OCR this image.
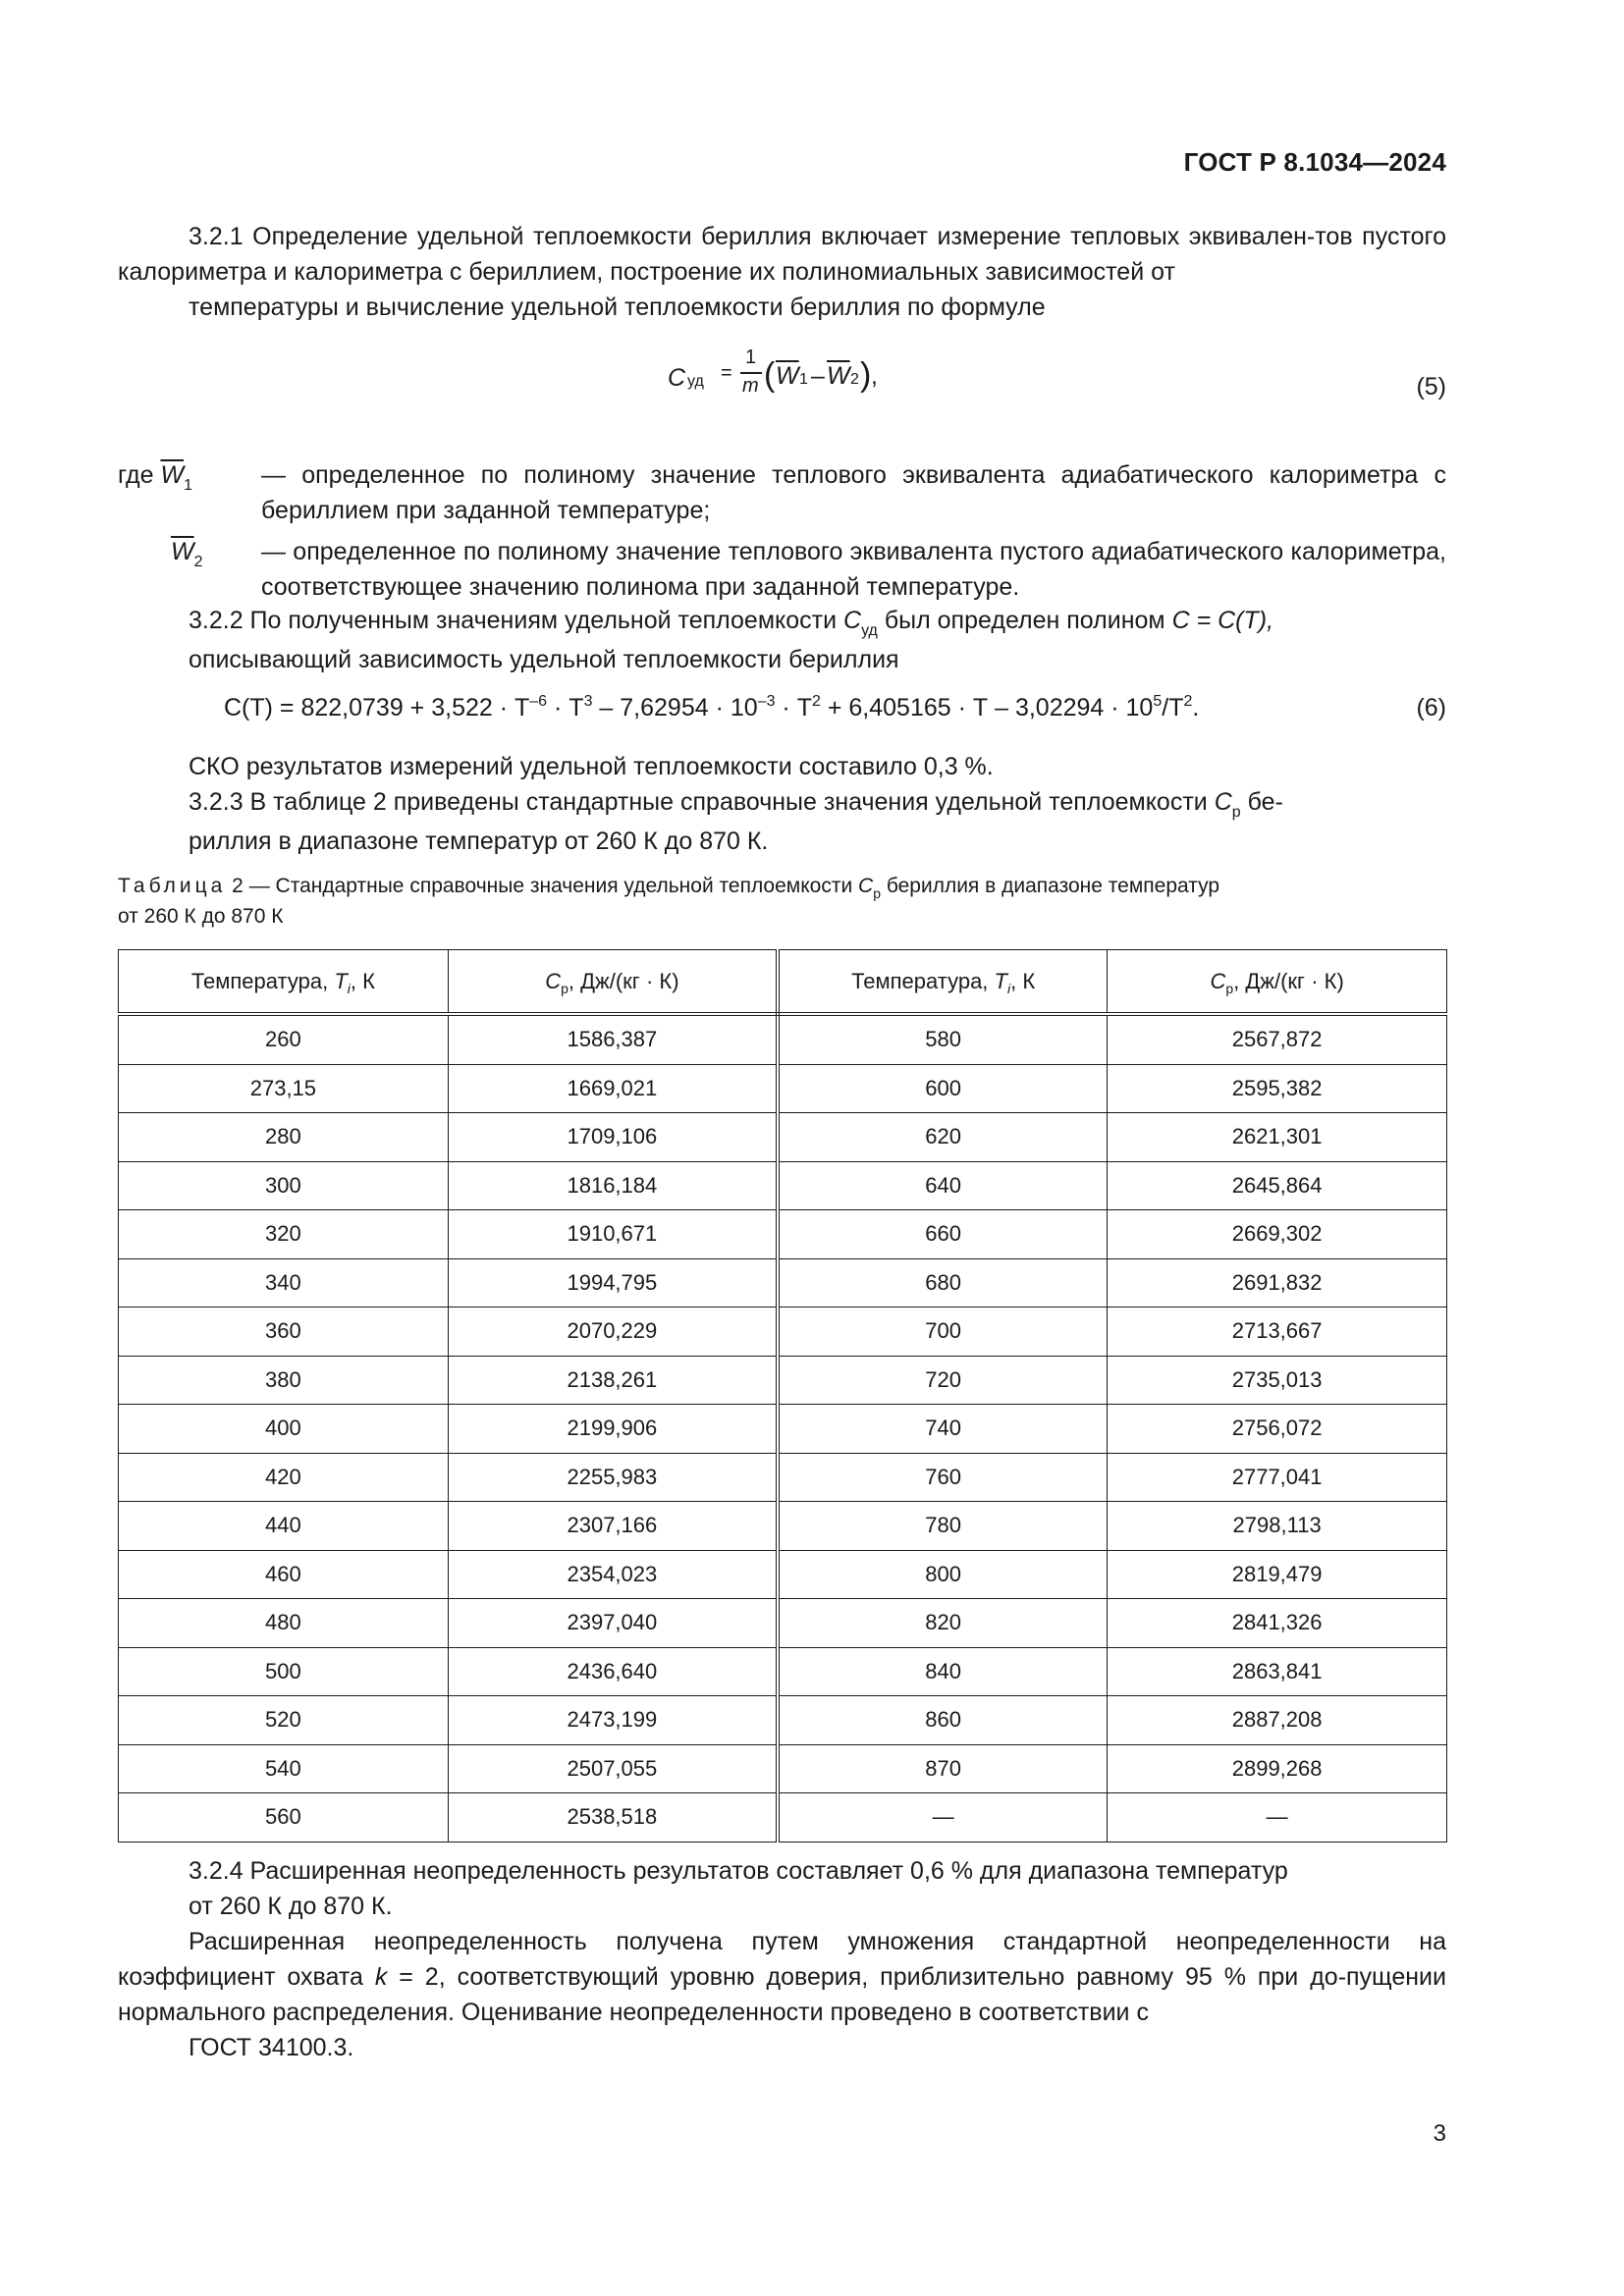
ГОСТ Р 8.1034—2024

3.2.1 Определение удельной теплоемкости бериллия включает измерение тепловых эквивален-тов пустого калориметра и калориметра с бериллием, построение их полиномиальных зависимостей от
температуры и вычисление удельной теплоемкости бериллия по формуле

С уд =
1
m ( $\overline{W}$ $1 - \overline{W}$ 2 ) ,	(5)
где $\overline{W}_1$	— определенное по полиному значение теплового эквивалента адиабатического калориметра с бериллием при заданной температуре;
$\overline{W}_2$	— определенное по полиному значение теплового эквивалента пустого адиабатического калориметра, соответствующее значению полинома при заданной температуре.

3.2.2 По полученным значениям удельной теплоемкости $С_{уд}$ был определен полином С = С(Т),
описывающий зависимость удельной теплоемкости бериллия

$С(Т) = 822,0739 + 3,522 \cdot Т^{-6} \cdot Т^3 - 7,62954 \cdot 10^{-3} \cdot Т^2 + 6,405165 \cdot Т - 3,02294 \cdot 10^5/Т^2$.	(6)

СКО результатов измерений удельной теплоемкости составило 0,3 %.

3.2.3 В таблице 2 приведены стандартные справочные значения удельной теплоемкости $С_р$ бе-
риллия в диапазоне температур от 260 К до 870 К.

Таблица 2 — Стандартные справочные значения удельной теплоемкости $С_р$ бериллия в диапазоне температур
от 260 К до 870 К
Температура, $Т_i$, К	$С_р$, Дж/(кг · К)	Температура, $Т_i$, К	$С_р$, Дж/(кг · К)
260	1586,387	580	2567,872
273,15	1669,021	600	2595,382
280	1709,106	620	2621,301
300	1816,184	640	2645,864
320	1910,671	660	2669,302
340	1994,795	680	2691,832
360	2070,229	700	2713,667
380	2138,261	720	2735,013
400	2199,906	740	2756,072
420	2255,983	760	2777,041
440	2307,166	780	2798,113
460	2354,023	800	2819,479
480	2397,040	820	2841,326
500	2436,640	840	2863,841
520	2473,199	860	2887,208
540	2507,055	870	2899,268
560	2538,518	—	—

3.2.4 Расширенная неопределенность результатов составляет 0,6 % для диапазона температур
от 260 К до 870 К.

Расширенная неопределенность получена путем умножения стандартной неопределенности на коэффициент охвата k = 2, соответствующий уровню доверия, приблизительно равному 95 % при до-пущении нормального распределения. Оценивание неопределенности проведено в соответствии с
ГОСТ 34100.3.

3
